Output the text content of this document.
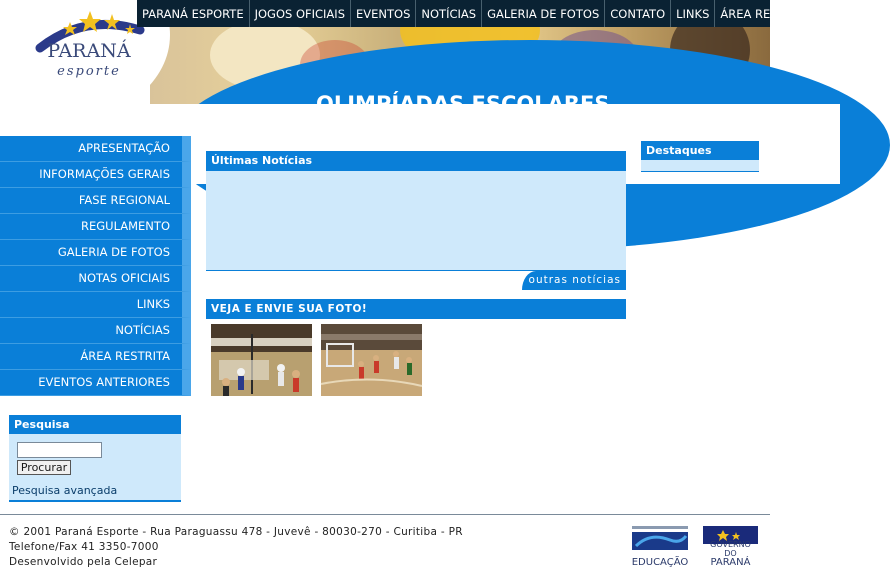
PARANÁ
esporte
PARANÁ ESPORTE JOGOS OFICIAIS EVENTOS NOTÍCIAS GALERIA DE FOTOS CONTATO LINKS ÁREA RESTRITA
OLIMPÍADAS ESCOLARES
APRESENTAÇÃO
INFORMAÇÕES GERAIS
FASE REGIONAL
REGULAMENTO
GALERIA DE FOTOS
NOTAS OFICIAIS
LINKS
NOTÍCIAS
ÁREA RESTRITA
EVENTOS ANTERIORES
Pesquisa
Procurar
Pesquisa avançada
Últimas Notícias
outras notícias
VEJA E ENVIE SUA FOTO!
Destaques
© 2001 Paraná Esporte - Rua Paraguassu 478 - Juvevê - 80030-270 - Curitiba - PR
Telefone/Fax 41 3350-7000
Desenvolvido pela Celepar	EDUCAÇÃO
GOVERNO DO
PARANÁ
